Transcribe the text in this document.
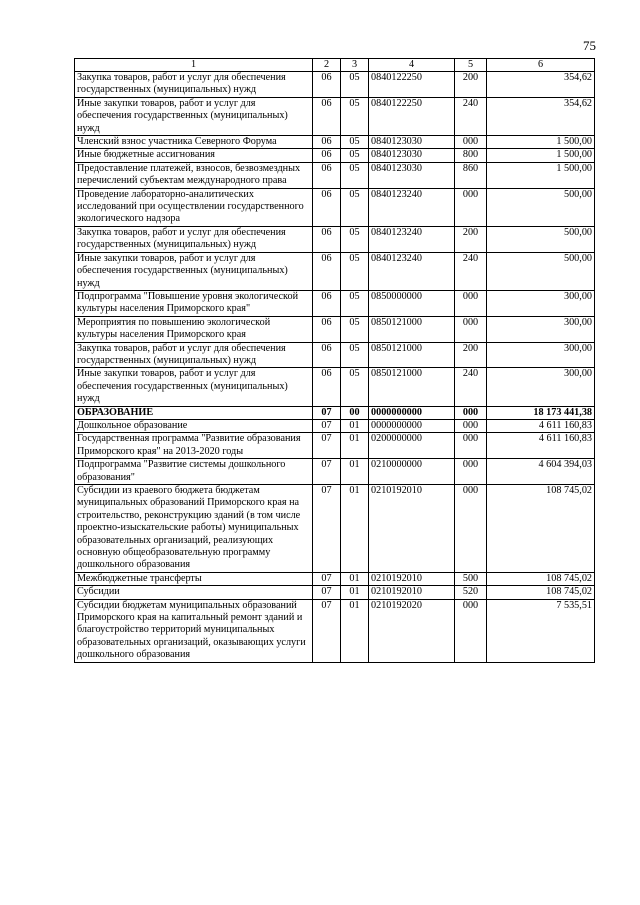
75
1	2	3	4	5	6
Закупка товаров, работ и услуг для обеспечения государственных (муниципальных) нужд	06	05	0840122250	200	354,62
Иные закупки товаров, работ и услуг для обеспечения государственных (муниципальных) нужд	06	05	0840122250	240	354,62
Членский взнос участника Северного Форума	06	05	0840123030	000	1 500,00
Иные бюджетные ассигнования	06	05	0840123030	800	1 500,00
Предоставление платежей, взносов, безвозмездных перечислений субъектам международного права	06	05	0840123030	860	1 500,00
Проведение лабораторно-аналитических исследований при осуществлении государственного экологического надзора	06	05	0840123240	000	500,00
Закупка товаров, работ и услуг для обеспечения государственных (муниципальных) нужд	06	05	0840123240	200	500,00
Иные закупки товаров, работ и услуг для обеспечения государственных (муниципальных) нужд	06	05	0840123240	240	500,00
Подпрограмма "Повышение уровня экологической культуры населения Приморского края"	06	05	0850000000	000	300,00
Мероприятия по повышению экологической культуры населения Приморского края	06	05	0850121000	000	300,00
Закупка товаров, работ и услуг для обеспечения государственных (муниципальных) нужд	06	05	0850121000	200	300,00
Иные закупки товаров, работ и услуг для обеспечения государственных (муниципальных) нужд	06	05	0850121000	240	300,00
ОБРАЗОВАНИЕ	07	00	0000000000	000	18 173 441,38
Дошкольное образование	07	01	0000000000	000	4 611 160,83
Государственная программа "Развитие образования Приморского края" на 2013-2020 годы	07	01	0200000000	000	4 611 160,83
Подпрограмма "Развитие системы дошкольного образования"	07	01	0210000000	000	4 604 394,03
Субсидии из краевого бюджета бюджетам муниципальных образований Приморского края на строительство, реконструкцию зданий (в том числе проектно-изыскательские работы) муниципальных образовательных организаций, реализующих основную общеобразовательную программу дошкольного образования	07	01	0210192010	000	108 745,02
Межбюджетные трансферты	07	01	0210192010	500	108 745,02
Субсидии	07	01	0210192010	520	108 745,02
Субсидии бюджетам муниципальных образований Приморского края на капитальный ремонт зданий и благоустройство территорий муниципальных образовательных организаций, оказывающих услуги дошкольного образования	07	01	0210192020	000	7 535,51
